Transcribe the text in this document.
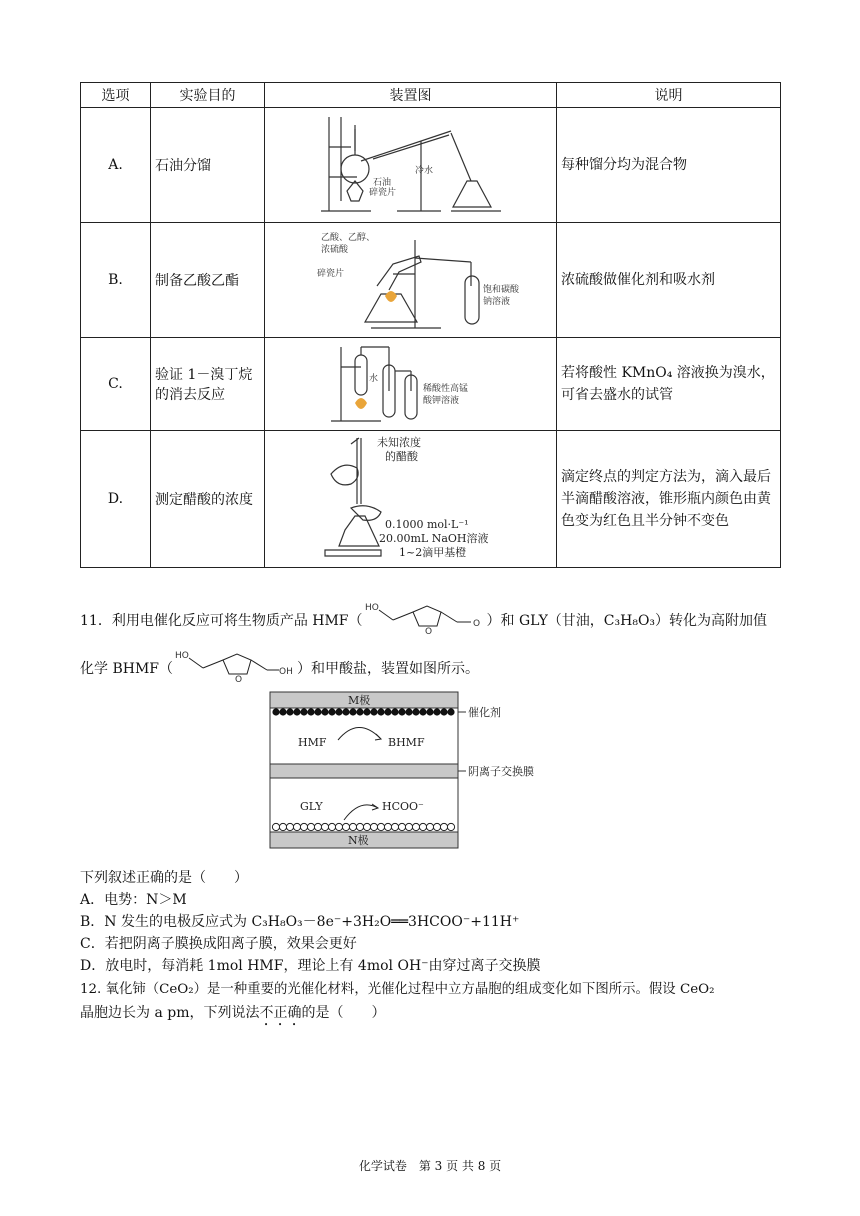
选项	实验目的	装置图	说明
A.	石油分馏	石油
碎瓷片
冷水	每种馏分均为混合物
B.	制备乙酸乙酯	乙酸、乙醇、
浓硫酸
碎瓷片
饱和碳酸
钠溶液	浓硫酸做催化剂和吸水剂
C.	验证 1－溴丁烷的消去反应	水
稀酸性高锰
酸钾溶液	若将酸性 KMnO₄ 溶液换为溴水，可省去盛水的试管
D.	测定醋酸的浓度	未知浓度
的醋酸
0.1000 mol·L⁻¹
20.00mL NaOH溶液
1~2滴甲基橙	滴定终点的判定方法为，滴入最后半滴醋酸溶液，锥形瓶内颜色由黄色变为红色且半分钟不变色
11．利用电催化反应可将生物质产品 HMF（
HO
O
O ）和 GLY（甘油，C₃H₈O₃）转化为高附加值
化学 BHMF（
HO
O
OH ）和甲酸盐，装置如图所示。
M极
催化剂
HMF	BHMF
阴离子交换膜
GLY	HCOO⁻
N极
下列叙述正确的是（　　）
A．电势：N＞M
B．N 发生的电极反应式为 C₃H₈O₃－8e⁻+3H₂O══3HCOO⁻+11H⁺
C．若把阴离子膜换成阳离子膜，效果会更好
D．放电时，每消耗 1mol HMF，理论上有 4mol OH⁻由穿过离子交换膜
12. 氧化铈（CeO₂）是一种重要的光催化材料，光催化过程中立方晶胞的组成变化如下图所示。假设 CeO₂
晶胞边长为 a pm，下列说法不正确的是（　　）
化学试卷　第 3 页 共 8 页
